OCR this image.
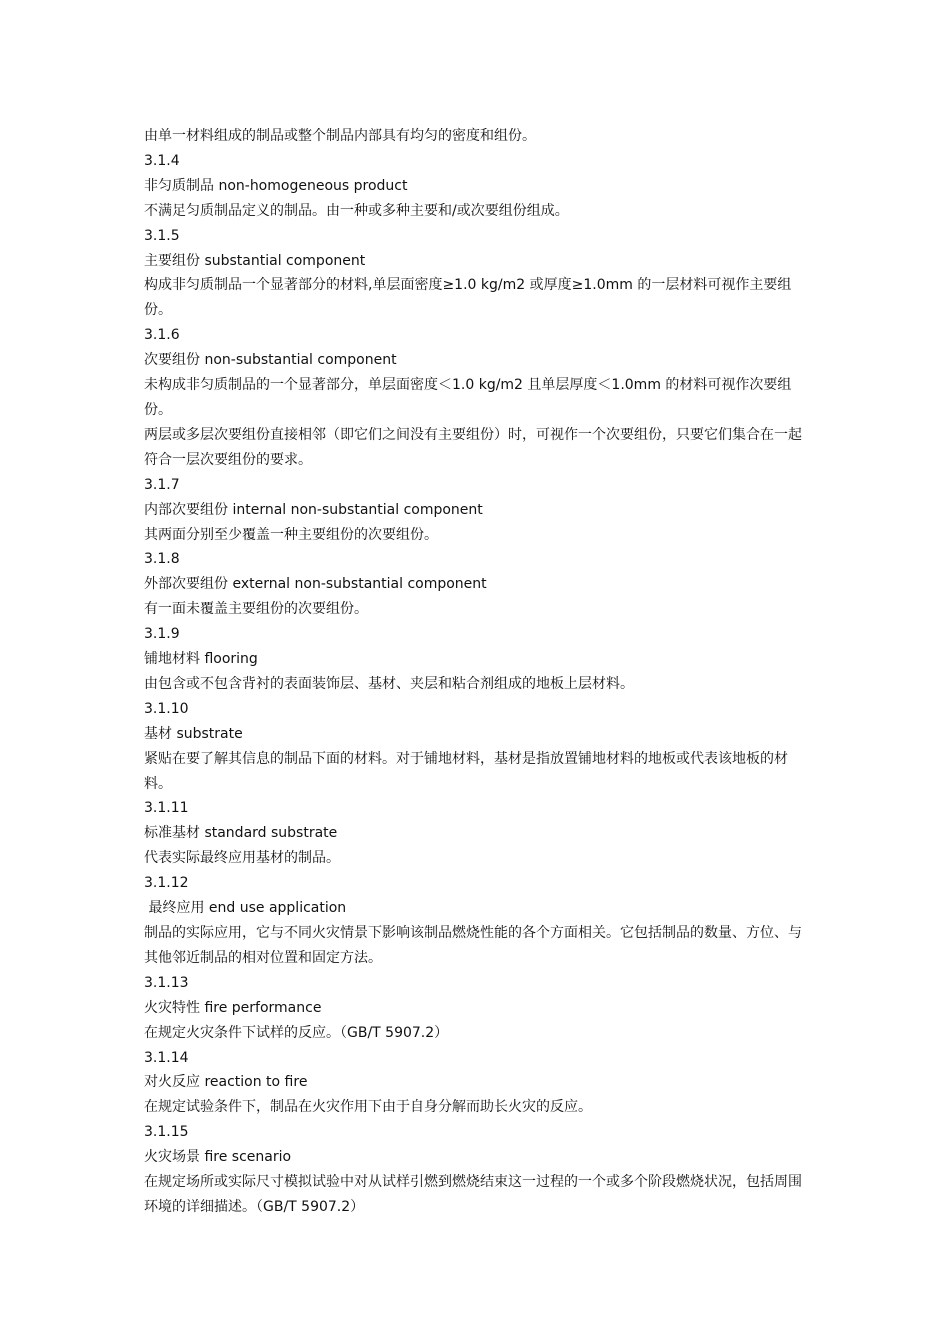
由单一材料组成的制品或整个制品内部具有均匀的密度和组份。

3.1.4

非匀质制品 non-homogeneous product

不满足匀质制品定义的制品。由一种或多种主要和/或次要组份组成。

3.1.5

主要组份 substantial component

构成非匀质制品一个显著部分的材料,单层面密度≥1.0 kg/m2 或厚度≥1.0mm 的一层材料可视作主要组份。

3.1.6

次要组份 non-substantial component

未构成非匀质制品的一个显著部分，单层面密度＜1.0 kg/m2 且单层厚度＜1.0mm 的材料可视作次要组份。

两层或多层次要组份直接相邻（即它们之间没有主要组份）时，可视作一个次要组份，只要它们集合在一起符合一层次要组份的要求。

3.1.7

内部次要组份 internal non-substantial component

其两面分别至少覆盖一种主要组份的次要组份。

3.1.8

外部次要组份 external non-substantial component

有一面未覆盖主要组份的次要组份。

3.1.9

铺地材料 flooring

由包含或不包含背衬的表面装饰层、基材、夹层和粘合剂组成的地板上层材料。

3.1.10

基材 substrate

紧贴在要了解其信息的制品下面的材料。对于铺地材料，基材是指放置铺地材料的地板或代表该地板的材料。

3.1.11

标准基材 standard substrate

代表实际最终应用基材的制品。

3.1.12

最终应用 end use application

制品的实际应用，它与不同火灾情景下影响该制品燃烧性能的各个方面相关。它包括制品的数量、方位、与其他邻近制品的相对位置和固定方法。

3.1.13

火灾特性 fire performance

在规定火灾条件下试样的反应。（GB/T 5907.2）

3.1.14

对火反应 reaction to fire

在规定试验条件下，制品在火灾作用下由于自身分解而助长火灾的反应。

3.1.15

火灾场景 fire scenario

在规定场所或实际尺寸模拟试验中对从试样引燃到燃烧结束这一过程的一个或多个阶段燃烧状况，包括周围环境的详细描述。（GB/T 5907.2）
